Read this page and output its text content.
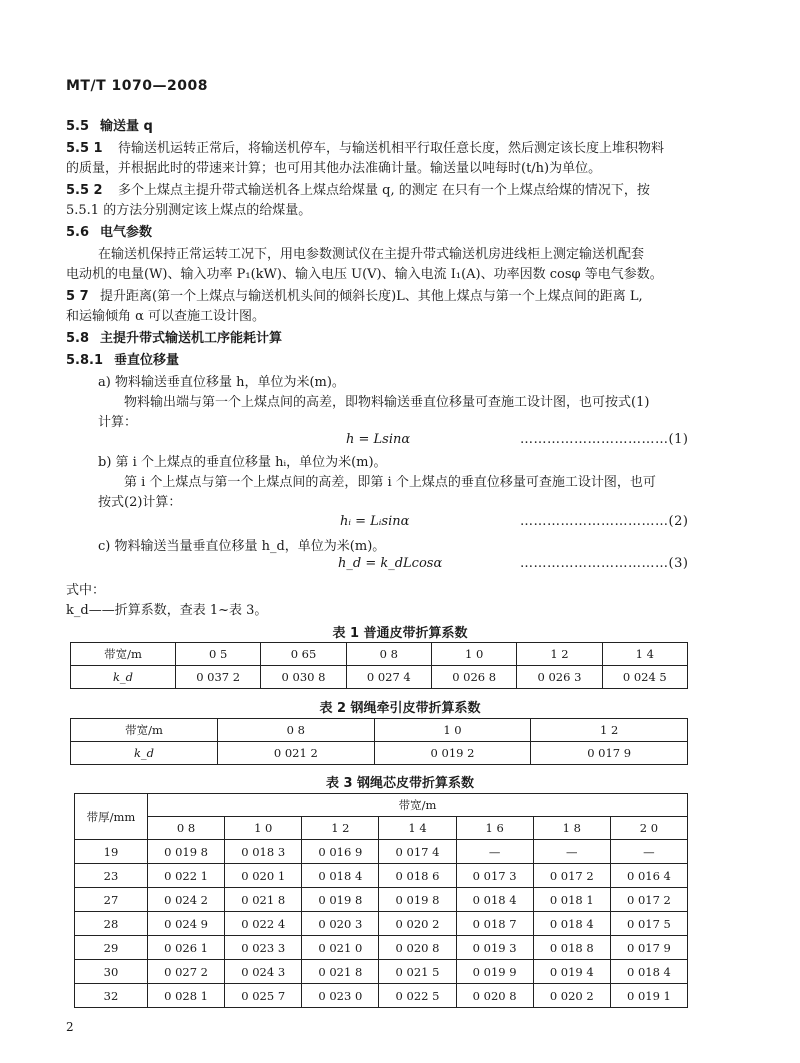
MT/T 1070—2008
5.5 输送量 q
5.5 1 待输送机运转正常后，将输送机停车，与输送机相平行取任意长度，然后测定该长度上堆积物料
的质量，并根据此时的带速来计算；也可用其他办法准确计量。输送量以吨每时(t/h)为单位。
5.5 2 多个上煤点主提升带式输送机各上煤点给煤量 q, 的测定 在只有一个上煤点给煤的情况下，按
5.5.1 的方法分别测定该上煤点的给煤量。
5.6 电气参数
在输送机保持正常运转工况下，用电参数测试仪在主提升带式输送机房进线柜上测定输送机配套
电动机的电量(W)、输入功率 P₁(kW)、输入电压 U(V)、输入电流 I₁(A)、功率因数 cosφ 等电气参数。
5 7 提升距离(第一个上煤点与输送机机头间的倾斜长度)L、其他上煤点与第一个上煤点间的距离 L,
和运输倾角 α 可以查施工设计图。
5.8 主提升带式输送机工序能耗计算
5.8.1 垂直位移量
a) 物料输送垂直位移量 h，单位为米(m)。
物料输出端与第一个上煤点间的高差，即物料输送垂直位移量可查施工设计图，也可按式(1)
计算：
h = Lsinα	……………………………(1)
b) 第 i 个上煤点的垂直位移量 hᵢ，单位为米(m)。
第 i 个上煤点与第一个上煤点间的高差，即第 i 个上煤点的垂直位移量可查施工设计图，也可
按式(2)计算：
hᵢ = Lᵢsinα	……………………………(2)
c) 物料输送当量垂直位移量 h_d，单位为米(m)。
h_d = k_dLcosα	……………………………(3)
式中：
k_d——折算系数，查表 1~表 3。
表 1 普通皮带折算系数
带宽/m	0 5	0 65	0 8	1 0	1 2	1 4
k_d	0 037 2	0 030 8	0 027 4	0 026 8	0 026 3	0 024 5
表 2 钢绳牵引皮带折算系数
带宽/m	0 8	1 0	1 2
k_d	0 021 2	0 019 2	0 017 9
表 3 钢绳芯皮带折算系数
带厚/mm	带宽/m						
	0 8	1 0	1 2	1 4	1 6	1 8	2 0
19	0 019 8	0 018 3	0 016 9	0 017 4	—	—	—
23	0 022 1	0 020 1	0 018 4	0 018 6	0 017 3	0 017 2	0 016 4
27	0 024 2	0 021 8	0 019 8	0 019 8	0 018 4	0 018 1	0 017 2
28	0 024 9	0 022 4	0 020 3	0 020 2	0 018 7	0 018 4	0 017 5
29	0 026 1	0 023 3	0 021 0	0 020 8	0 019 3	0 018 8	0 017 9
30	0 027 2	0 024 3	0 021 8	0 021 5	0 019 9	0 019 4	0 018 4
32	0 028 1	0 025 7	0 023 0	0 022 5	0 020 8	0 020 2	0 019 1
2
